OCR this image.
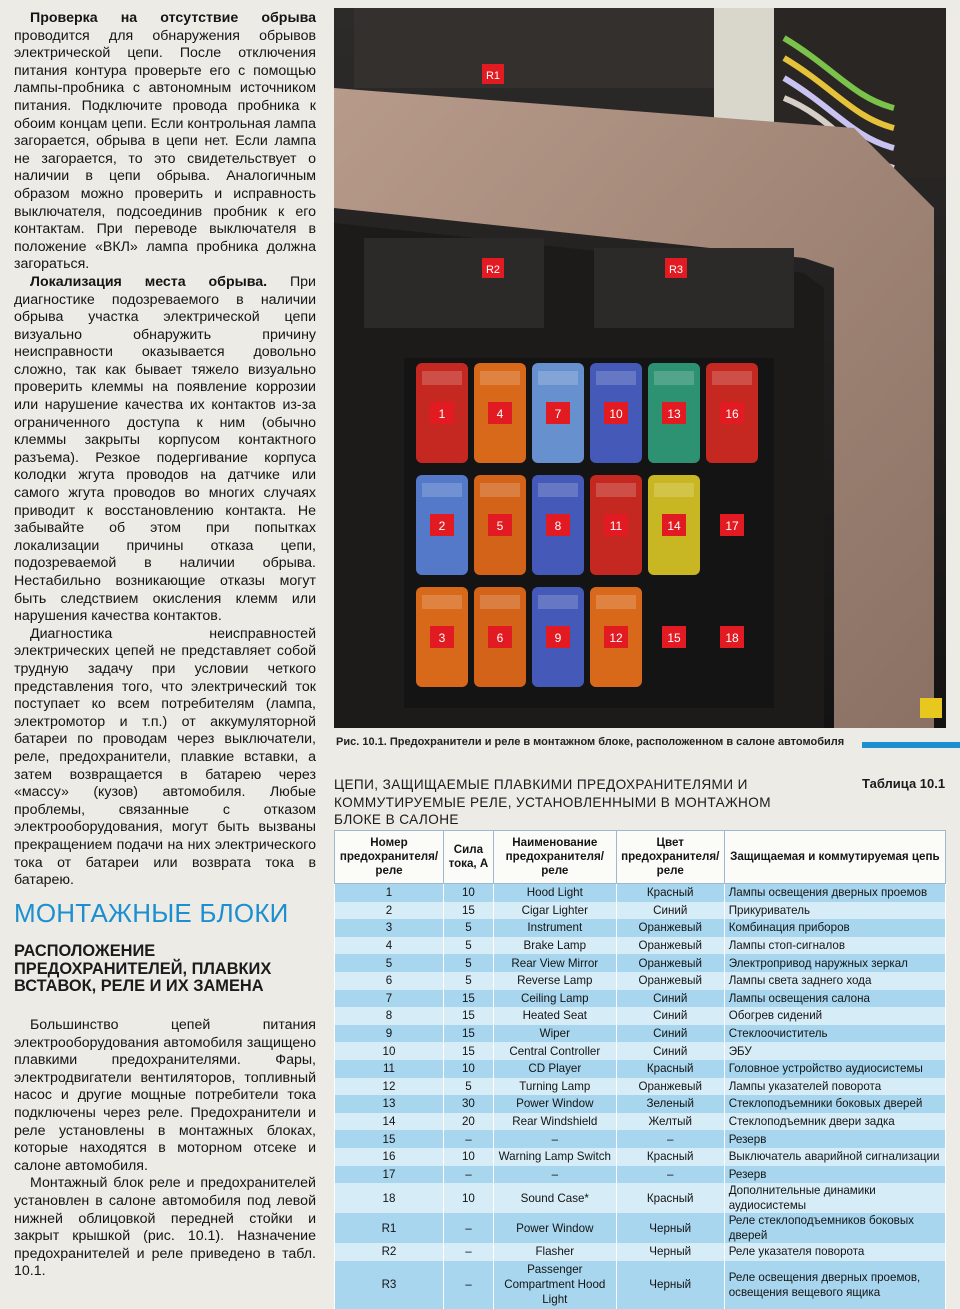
Проверка на отсутствие обрыва проводится для обнаружения обрывов электрической цепи. После отключения питания контура проверьте его с помощью лампы-пробника с автономным источником питания. Подключите провода пробника к обоим концам цепи. Если контрольная лампа загорается, обрыва в цепи нет. Если лампа не загорается, то это свидетельствует о наличии в цепи обрыва. Аналогичным образом можно проверить и исправность выключателя, подсоединив пробник к его контактам. При переводе выключателя в положение «ВКЛ» лампа пробника должна загораться.

Локализация места обрыва. При диагностике подозреваемого в наличии обрыва участка электрической цепи визуально обнаружить причину неисправности оказывается довольно сложно, так как бывает тяжело визуально проверить клеммы на появление коррозии или нарушение качества их контактов из-за ограниченного доступа к ним (обычно клеммы закрыты корпусом контактного разъема). Резкое подергивание корпуса колодки жгута проводов на датчике или самого жгута проводов во многих случаях приводит к восстановлению контакта. Не забывайте об этом при попытках локализации причины отказа цепи, подозреваемой в наличии обрыва. Нестабильно возникающие отказы могут быть следствием окисления клемм или нарушения качества контактов.

Диагностика неисправностей электрических цепей не представляет собой трудную задачу при условии четкого представления того, что электрический ток поступает ко всем потребителям (лампа, электромотор и т.п.) от аккумуляторной батареи по проводам через выключатели, реле, предохранители, плавкие вставки, а затем возвращается в батарею через «массу» (кузов) автомобиля. Любые проблемы, связанные с отказом электрооборудования, могут быть вызваны прекращением подачи на них электрического тока от батареи или возврата тока в батарею.

МОНТАЖНЫЕ БЛОКИ
РАСПОЛОЖЕНИЕ ПРЕДОХРАНИТЕЛЕЙ, ПЛАВКИХ ВСТАВОК, РЕЛЕ И ИХ ЗАМЕНА

Большинство цепей питания электрооборудования автомобиля защищено плавкими предохранителями. Фары, электродвигатели вентиляторов, топливный насос и другие мощные потребители тока подключены через реле. Предохранители и реле установлены в монтажных блоках, которые находятся в моторном отсеке и салоне автомобиля.

Монтажный блок реле и предохранителей установлен в салоне автомобиля под левой нижней облицовкой передней стойки и закрыт крышкой (рис. 10.1). Назначение предохранителей и реле приведено в табл. 10.1.

1	4	7	10	13	16
2	5	8	11	14	17
3	6	9	12	15	18
R1
R2	R3
Рис. 10.1. Предохранители и реле в монтажном блоке, расположенном в салоне автомобиля
ЦЕПИ, ЗАЩИЩАЕМЫЕ ПЛАВКИМИ ПРЕДОХРАНИТЕЛЯМИ И КОММУТИРУЕМЫЕ РЕЛЕ, УСТАНОВЛЕННЫМИ В МОНТАЖНОМ БЛОКЕ В САЛОНЕ
Таблица 10.1
Номер предохранителя/ реле	Сила тока, А	Наименование предохранителя/ реле	Цвет предохранителя/ реле	Защищаемая и коммутируемая цепь
1	10	Hood Light	Красный	Лампы освещения дверных проемов
2	15	Cigar Lighter	Синий	Прикуриватель
3	5	Instrument	Оранжевый	Комбинация приборов
4	5	Brake Lamp	Оранжевый	Лампы стоп-сигналов
5	5	Rear View Mirror	Оранжевый	Электропривод наружных зеркал
6	5	Reverse Lamp	Оранжевый	Лампы света заднего хода
7	15	Ceiling Lamp	Синий	Лампы освещения салона
8	15	Heated Seat	Синий	Обогрев сидений
9	15	Wiper	Синий	Стеклоочиститель
10	15	Central Controller	Синий	ЭБУ
11	10	CD Player	Красный	Головное устройство аудиосистемы
12	5	Turning Lamp	Оранжевый	Лампы указателей поворота
13	30	Power Window	Зеленый	Стеклоподъемники боковых дверей
14	20	Rear Windshield	Желтый	Стеклоподъемник двери задка
15	–	–	–	Резерв
16	10	Warning Lamp Switch	Красный	Выключатель аварийной сигнализации
17	–	–	–	Резерв
18	10	Sound Case*	Красный	Дополнительные динамики аудиосистемы
R1	–	Power Window	Черный	Реле стеклоподъемников боковых дверей
R2	–	Flasher	Черный	Реле указателя поворота
R3	–	Passenger Compartment Hood Light	Черный	Реле освещения дверных проемов, освещения вещевого ящика
